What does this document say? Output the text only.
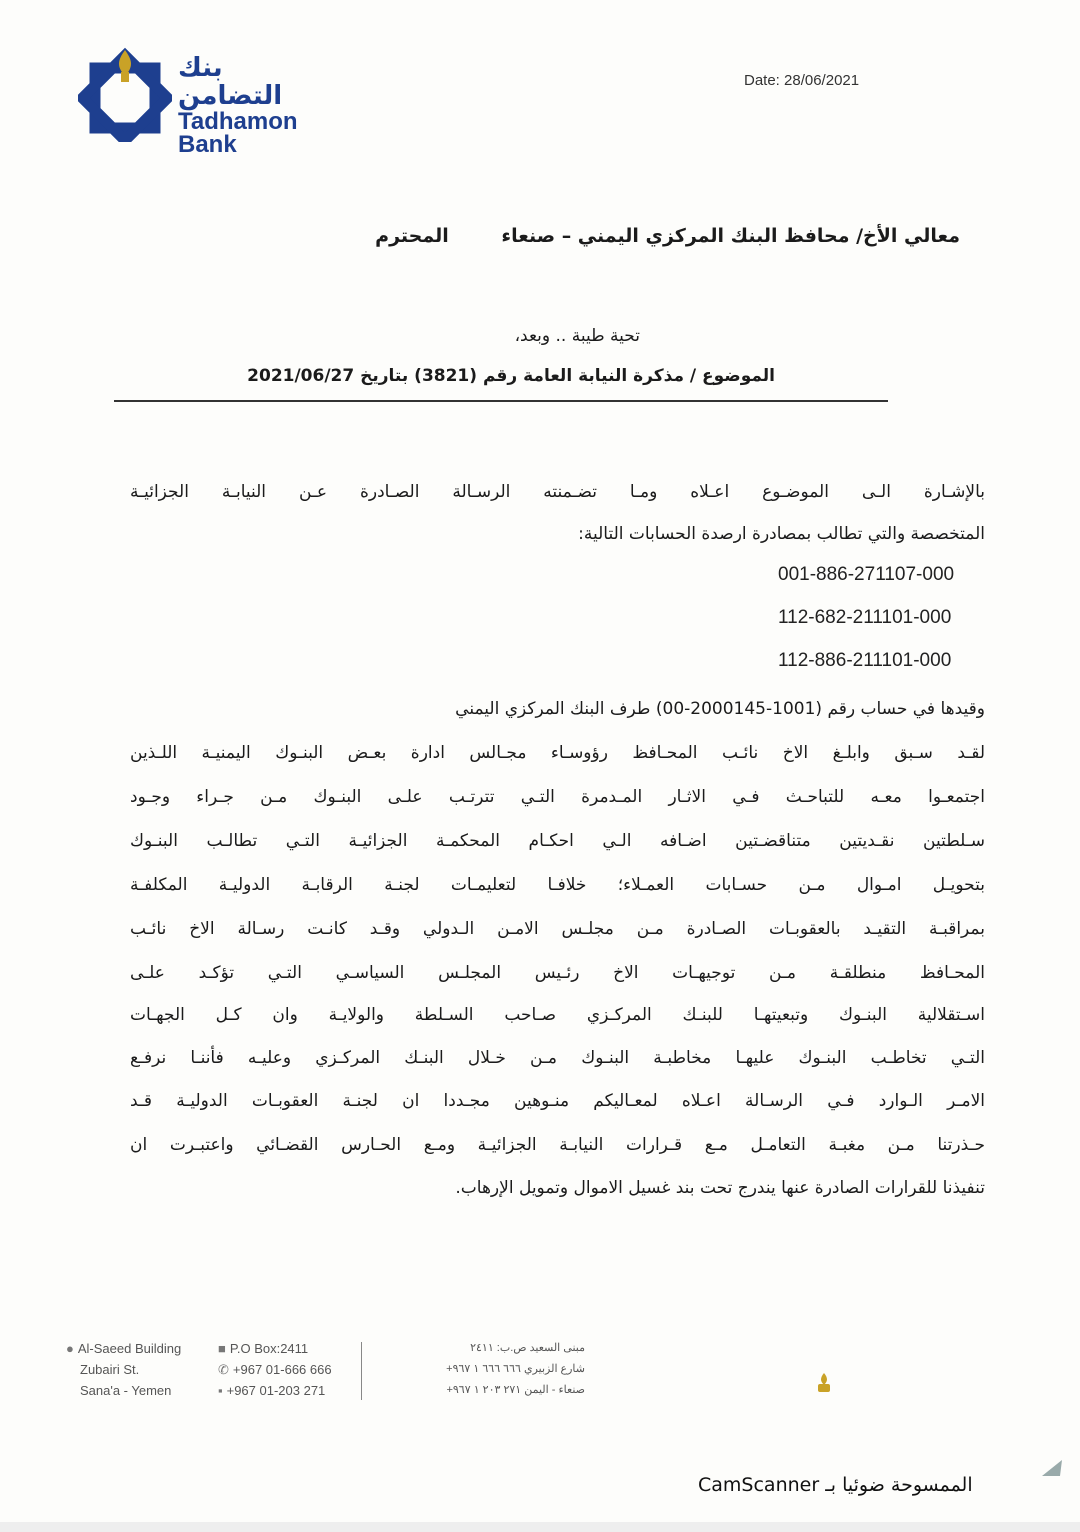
بنك التضامن
Tadhamon
Bank
Date: 28/06/2021
معالي الأخ/ محافظ البنك المركزي اليمني – صنعاء المحترم
تحية طيبة .. وبعد،
الموضوع / مذكرة النيابة العامة رقم (3821) بتاريخ 2021/06/27
بالإشـارة الـى الموضـوع اعـلاه ومـا تضـمنته الرسـالة الصـادرة عـن النيابـة الجزائيـة
المتخصصة والتي تطالب بمصادرة ارصدة الحسابات التالية:
001-886-271107-000
112-682-211101-000
112-886-211101-000
وقيدها في حساب رقم (1001-2000145-00) طرف البنك المركزي اليمني
لقـد سـبق وابلـغ الاخ نائـب المحـافظ رؤوسـاء مجـالس ادارة بعـض البنـوك اليمنيـة اللـذين
اجتمعـوا معـه للتباحـث فـي الاثـار المـدمرة التـي تترتـب علـى البنـوك مـن جـراء وجـود
سـلطتين نقـديتين متناقضـتين اضـافه الـي احكـام المحكمـة الجزائيـة التـي تطالـب البنـوك
بتحويـل امـوال مـن حسـابات العمـلاء؛ خلافـا لتعليمـات لجنـة الرقابـة الدوليـة المكلفـة
بمراقبـة التقيـد بالعقوبـات الصـادرة مـن مجلـس الامـن الـدولي وقـد كانـت رسـالة الاخ نائـب
المحـافظ منطلقـة مـن توجيهـات الاخ رئـيس المجلـس السياسـي التـي تؤكـد علـى
اسـتقلالية البنـوك وتبعيتهـا للبنـك المركـزي صـاحب السـلطة والولايـة وان كـل الجهـات
التـي تخاطـب البنـوك عليهـا مخاطبـة البنـوك مـن خـلال البنـك المركـزي وعليـه فأننـا نرفـع
الامـر الـوارد فـي الرسـالة اعـلاه لمعـاليكم منـوهين مجـددا ان لجنـة العقوبـات الدوليـة قـد
حـذرتنا مـن مغبـة التعامـل مـع قـرارات النيابـة الجزائيـة ومـع الحـارس القضـائي واعتبـرت ان
تنفيذنا للقرارات الصادرة عنها يندرج تحت بند غسيل الاموال وتمويل الإرهاب.
● Al-Saeed Building
Zubairi St.
Sana'a - Yemen
■ P.O Box:2411
✆ +967 01-666 666
▪ +967 01-203 271
مبنى السعيد ص.ب: ٢٤١١
شارع الزبيري ٦٦٦ ٦٦٦ ١ ٩٦٧+
صنعاء - اليمن ٢٧١ ٢٠٣ ١ ٩٦٧+
الممسوحة ضوئيا بـ CamScanner
